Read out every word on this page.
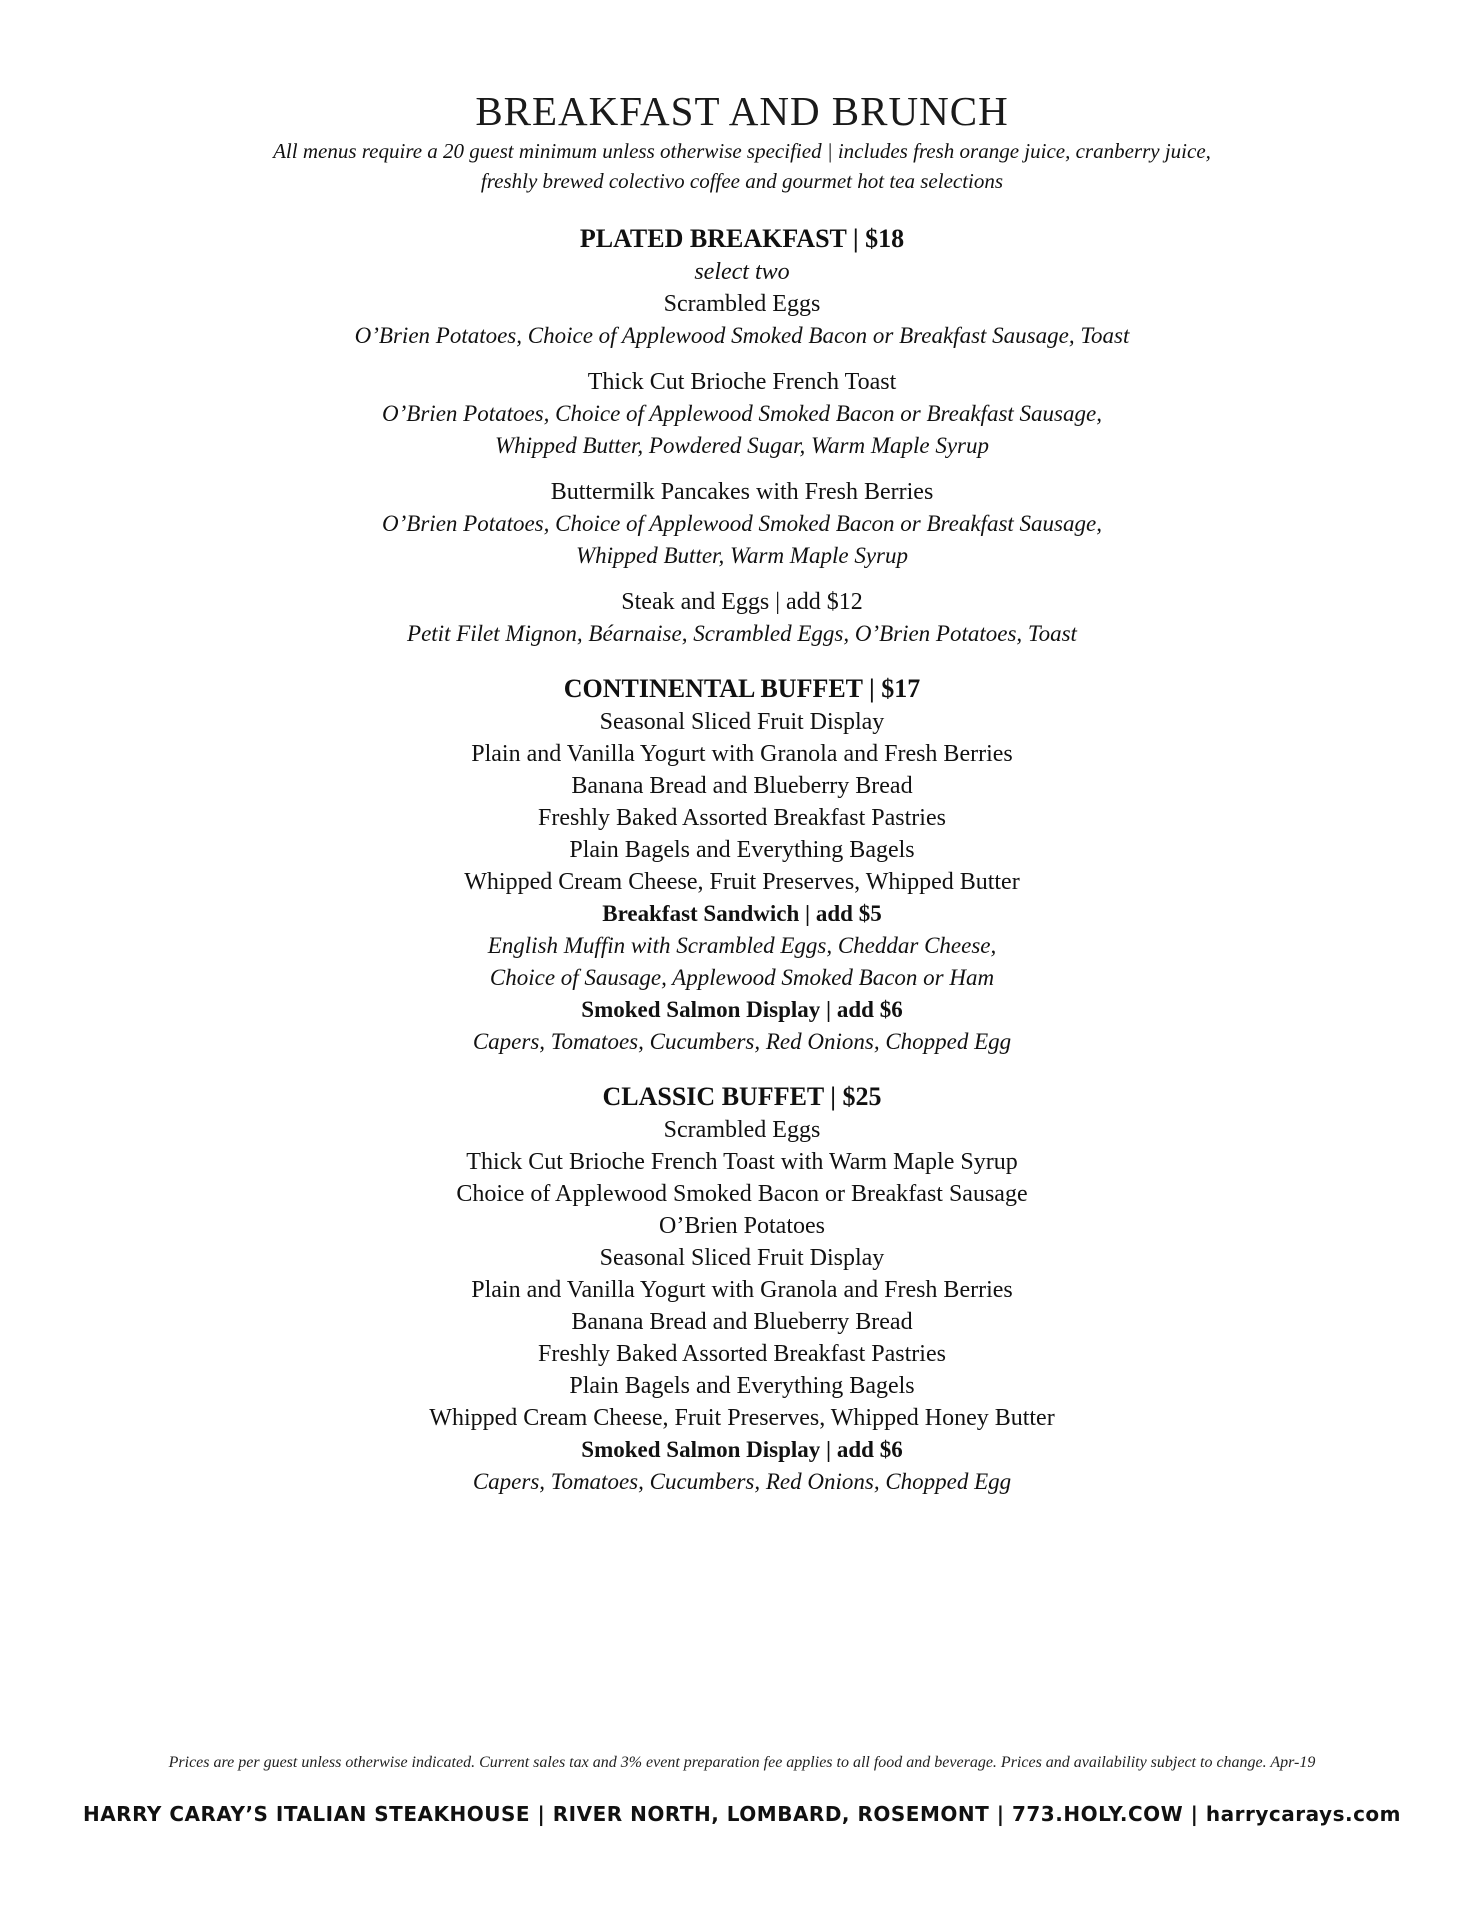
BREAKFAST AND BRUNCH
All menus require a 20 guest minimum unless otherwise specified | includes fresh orange juice, cranberry juice,
freshly brewed colectivo coffee and gourmet hot tea selections
PLATED BREAKFAST | $18
select two
Scrambled Eggs
O’Brien Potatoes, Choice of Applewood Smoked Bacon or Breakfast Sausage, Toast
Thick Cut Brioche French Toast
O’Brien Potatoes, Choice of Applewood Smoked Bacon or Breakfast Sausage,
Whipped Butter, Powdered Sugar, Warm Maple Syrup
Buttermilk Pancakes with Fresh Berries
O’Brien Potatoes, Choice of Applewood Smoked Bacon or Breakfast Sausage,
Whipped Butter, Warm Maple Syrup
Steak and Eggs | add $12
Petit Filet Mignon, Béarnaise, Scrambled Eggs, O’Brien Potatoes, Toast
CONTINENTAL BUFFET | $17
Seasonal Sliced Fruit Display
Plain and Vanilla Yogurt with Granola and Fresh Berries
Banana Bread and Blueberry Bread
Freshly Baked Assorted Breakfast Pastries
Plain Bagels and Everything Bagels
Whipped Cream Cheese, Fruit Preserves, Whipped Butter
Breakfast Sandwich | add $5
English Muffin with Scrambled Eggs, Cheddar Cheese,
Choice of Sausage, Applewood Smoked Bacon or Ham
Smoked Salmon Display | add $6
Capers, Tomatoes, Cucumbers, Red Onions, Chopped Egg
CLASSIC BUFFET | $25
Scrambled Eggs
Thick Cut Brioche French Toast with Warm Maple Syrup
Choice of Applewood Smoked Bacon or Breakfast Sausage
O’Brien Potatoes
Seasonal Sliced Fruit Display
Plain and Vanilla Yogurt with Granola and Fresh Berries
Banana Bread and Blueberry Bread
Freshly Baked Assorted Breakfast Pastries
Plain Bagels and Everything Bagels
Whipped Cream Cheese, Fruit Preserves, Whipped Honey Butter
Smoked Salmon Display | add $6
Capers, Tomatoes, Cucumbers, Red Onions, Chopped Egg
Prices are per guest unless otherwise indicated. Current sales tax and 3% event preparation fee applies to all food and beverage. Prices and availability subject to change. Apr-19
HARRY CARAY’S ITALIAN STEAKHOUSE | RIVER NORTH, LOMBARD, ROSEMONT | 773.HOLY.COW | harrycarays.com
